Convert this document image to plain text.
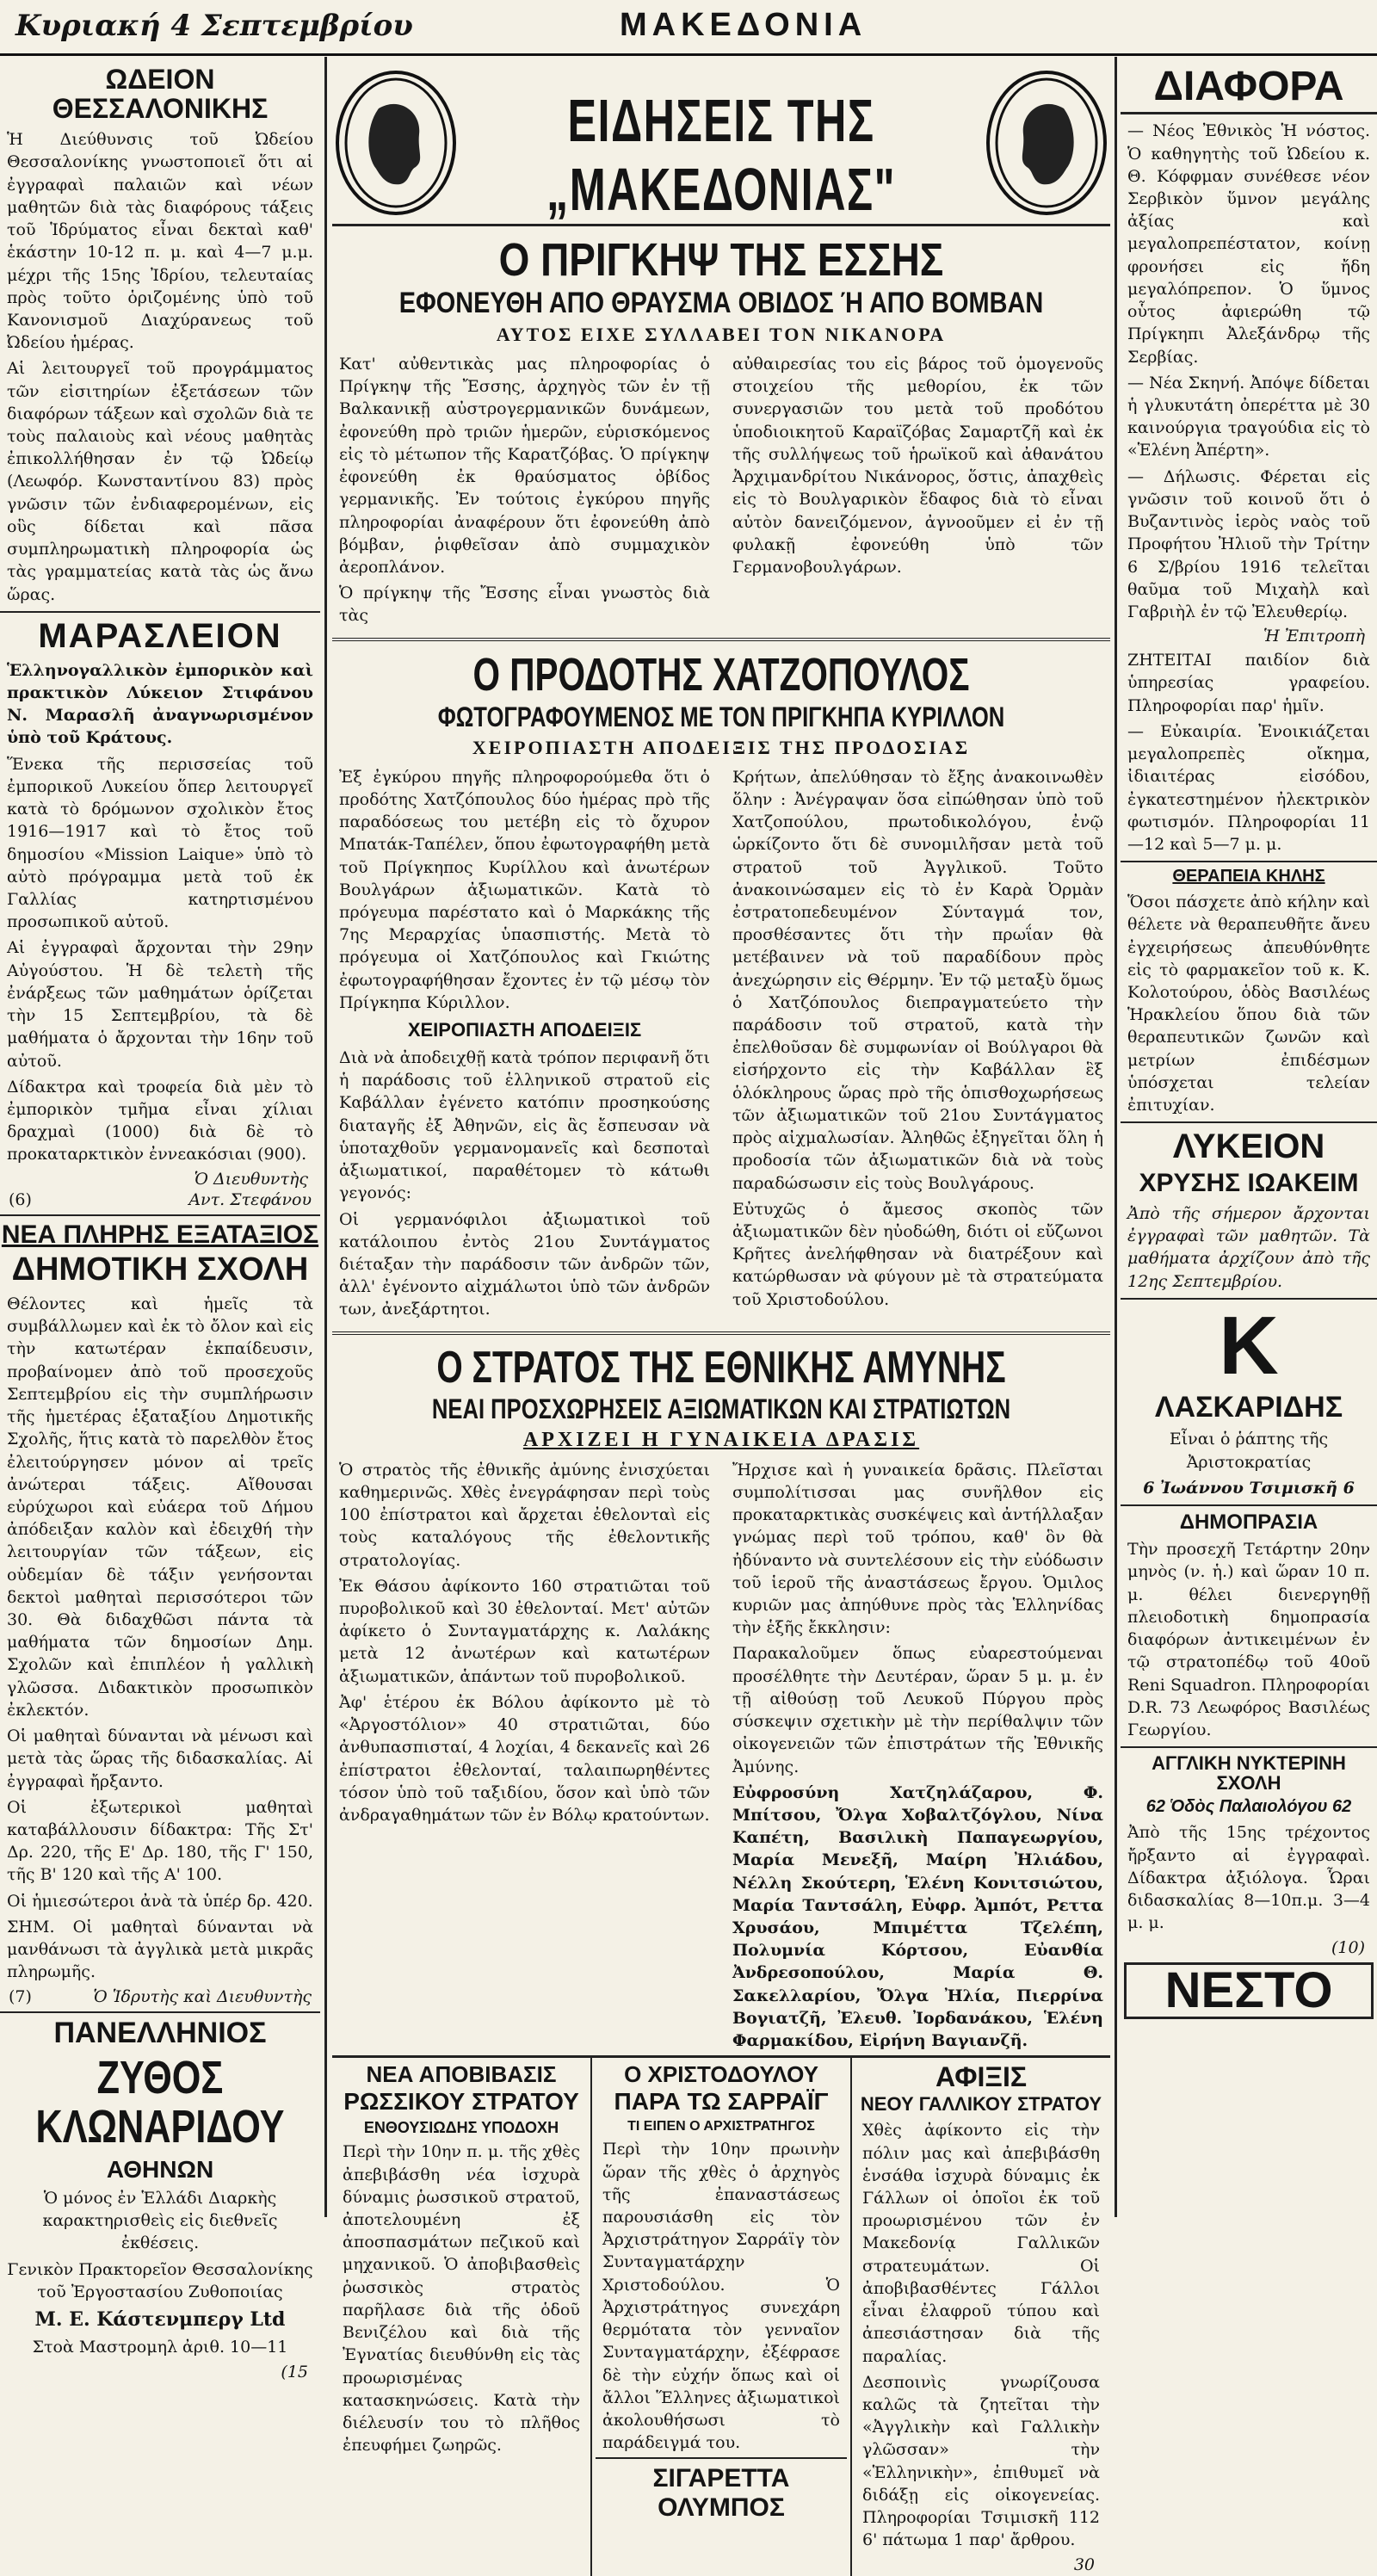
Κυριακή 4 Σεπτεμβρίου	ΜΑΚΕΔΟΝΙΑ
ΩΔΕΙΟΝ ΘΕΣΣΑΛΟΝΙΚΗΣ

Ἡ Διεύθυνσις τοῦ Ὠδείου Θεσσαλονίκης γνωστοποιεῖ ὅτι αἱ ἐγγραφαὶ παλαιῶν καὶ νέων μαθητῶν διὰ τὰς διαφόρους τάξεις τοῦ Ἱδρύματος εἶναι δεκταὶ καθ' ἑκάστην 10-12 π. μ. καὶ 4—7 μ.μ. μέχρι τῆς 15ης Ἰδρίου, τελευταίας πρὸς τοῦτο ὁριζομένης ὑπὸ τοῦ Κανονισμοῦ Διαχύρανεως τοῦ Ὠδείου ἡμέρας.

Αἱ λειτουργεῖ τοῦ προγράμματος τῶν εἰσιτηρίων ἐξετάσεων τῶν διαφόρων τάξεων καὶ σχολῶν διὰ τε τοὺς παλαιοὺς καὶ νέους μαθητὰς ἐπικολλήθησαν ἐν τῷ Ὠδείῳ (Λεωφόρ. Κωνσταντίνου 83) πρὸς γνῶσιν τῶν ἐνδιαφερομένων, εἰς οὓς δίδεται καὶ πᾶσα συμπληρωματικὴ πληροφορία ὡς τὰς γραμματείας κατὰ τὰς ὡς ἄνω ὥρας.

ΜΑΡΑΣΛΕΙΟΝ

Ἑλληνογαλλικὸν ἐμπορικὸν καὶ πρακτικὸν Λύκειον Στιφάνου Ν. Μαρασλῆ ἀναγνωρισμένον ὑπὸ τοῦ Κράτους.

Ἕνεκα τῆς περισσείας τοῦ ἐμπορικοῦ Λυκείου ὅπερ λειτουργεῖ κατὰ τὸ δρόμωνον σχολικὸν ἔτος 1916—1917 καὶ τὸ ἔτος τοῦ δημοσίου «Mission Laique» ὑπὸ τὸ αὐτὸ πρόγραμμα μετὰ τοῦ ἐκ Γαλλίας κατηρτισμένου προσωπικοῦ αὐτοῦ.

Αἱ ἐγγραφαὶ ἄρχονται τὴν 29ην Αὐγούστου. Ἡ δὲ τελετὴ τῆς ἐνάρξεως τῶν μαθημάτων ὁρίζεται τὴν 15 Σεπτεμβρίου, τὰ δὲ μαθήματα ὁ ἄρχονται τὴν 16ην τοῦ αὐτοῦ.

Δίδακτρα καὶ τροφεία διὰ μὲν τὸ ἐμπορικὸν τμῆμα εἶναι χίλιαι δραχμαὶ (1000) διὰ δὲ τὸ προκαταρκτικὸν ἐννεακόσιαι (900).

Ὁ Διευθυντὴς
(6)	Αντ. Στεφάνου
ΝΕΑ ΠΛΗΡΗΣ ΕΞΑΤΑΞΙΟΣ
ΔΗΜΟΤΙΚΗ ΣΧΟΛΗ

Θέλοντες καὶ ἡμεῖς τὰ συμβάλλωμεν καὶ ἐκ τὸ ὄλον καὶ εἰς τὴν κατωτέραν ἐκπαίδευσιν, προβαίνομεν ἀπὸ τοῦ προσεχοῦς Σεπτεμβρίου εἰς τὴν συμπλήρωσιν τῆς ἡμετέρας ἑξαταξίου Δημοτικῆς Σχολῆς, ἥτις κατὰ τὸ παρελθὸν ἔτος ἐλειτούργησεν μόνον αἱ τρεῖς ἀνώτεραι τάξεις. Αἴθουσαι εὐρύχωροι καὶ εὐάερα τοῦ Δήμου ἀπόδειξαν καλὸν καὶ ἐδειχθή τὴν λειτουργίαν τῶν τάξεων, εἰς οὐδεμίαν δὲ τάξιν γενήσονται δεκτοὶ μαθηταὶ περισσότεροι τῶν 30. Θὰ διδαχθῶσι πάντα τὰ μαθήματα τῶν δημοσίων Δημ. Σχολῶν καὶ ἐπιπλέον ἡ γαλλικὴ γλῶσσα. Διδακτικὸν προσωπικὸν ἐκλεκτόν.

Οἱ μαθηταὶ δύνανται νὰ μένωσι καὶ μετὰ τὰς ὥρας τῆς διδασκαλίας. Αἱ ἐγγραφαὶ ἤρξαντο.

Οἱ ἐξωτερικοὶ μαθηταὶ καταβάλλουσιν δίδακτρα: Τῆς Στ' Δρ. 220, τῆς Ε' Δρ. 180, τῆς Γ' 150, τῆς Β' 120 καὶ τῆς Α' 100.

Οἱ ἡμιεσώτεροι ἀνὰ τὰ ὑπέρ δρ. 420.

ΣΗΜ. Οἱ μαθηταὶ δύνανται νὰ μανθάνωσι τὰ ἀγγλικὰ μετὰ μικρᾶς πληρωμῆς.

(7)	Ὁ Ἱδρυτὴς καὶ Διευθυντὴς
ΠΑΝΕΛΛΗΝΙΟΣ
ΖΥΘΟΣ ΚΛΩΝΑΡΙΔΟΥ
ΑΘΗΝΩΝ

Ὁ μόνος ἐν Ἑλλάδι Διαρκὴς καρακτηρισθεὶς εἰς διεθνεῖς ἐκθέσεις.

Γενικὸν Πρακτορεῖον Θεσσαλονίκης τοῦ Ἐργοστασίου Ζυθοποιίας

Μ. Ε. Κάστενμπεργ Ltd

Στοὰ Μαστρομηλ ἀριθ. 10—11

(15
ΕΙΔΗΣΕΙΣ ΤΗΣ „ΜΑΚΕΔΟΝΙΑΣ"
Ο ΠΡΙΓΚΗΨ ΤΗΣ ΕΣΣΗΣ
ΕΦΟΝΕΥΘΗ ΑΠΟ ΘΡΑΥΣΜΑ ΟΒΙΔΟΣ Ή ΑΠΟ ΒΟΜΒΑΝ
ΑΥΤΟΣ ΕΙΧΕ ΣΥΛΛΑΒΕΙ ΤΟΝ ΝΙΚΑΝΟΡΑ

Κατ' αὐθεντικὰς μας πληροφορίας ὁ Πρίγκηψ τῆς Ἔσσης, ἀρχηγὸς τῶν ἐν τῇ Βαλκανικῇ αὐστρογερμανικῶν δυνάμεων, ἐφονεύθη πρὸ τριῶν ἡμερῶν, εὑρισκόμενος εἰς τὸ μέτωπον τῆς Καρατζόβας. Ὁ πρίγκηψ ἐφονεύθη ἐκ θραύσματος ὀβίδος γερμανικῆς. Ἐν τούτοις ἐγκύρου πηγῆς πληροφορίαι ἀναφέρουν ὅτι ἐφονεύθη ἀπὸ βόμβαν, ῥιφθεῖσαν ἀπὸ συμμαχικὸν ἀεροπλάνον.

Ὁ πρίγκηψ τῆς Ἔσσης εἶναι γνωστὸς διὰ τὰς

αὐθαιρεσίας του εἰς βάρος τοῦ ὁμογενοῦς στοιχείου τῆς μεθορίου, ἐκ τῶν συνεργασιῶν του μετὰ τοῦ προδότου ὑποδιοικητοῦ Καραϊζόβας Σαμαρτζῆ καὶ ἐκ τῆς συλλήψεως τοῦ ἡρωϊκοῦ καὶ ἀθανάτου Ἀρχιμανδρίτου Νικάνορος, ὅστις, ἀπαχθεὶς εἰς τὸ Βουλγαρικὸν ἔδαφος διὰ τὸ εἶναι αὐτὸν δανειζόμενον, ἀγνοοῦμεν εἰ ἐν τῇ φυλακῇ ἐφονεύθη ὑπὸ τῶν Γερμανοβουλγάρων.

Ο ΠΡΟΔΟΤΗΣ ΧΑΤΖΟΠΟΥΛΟΣ
ΦΩΤΟΓΡΑΦΟΥΜΕΝΟΣ ΜΕ ΤΟΝ ΠΡΙΓΚΗΠΑ ΚΥΡΙΛΛΟΝ
ΧΕΙΡΟΠΙΑΣΤΗ ΑΠΟΔΕΙΞΙΣ ΤΗΣ ΠΡΟΔΟΣΙΑΣ

Ἐξ ἐγκύρου πηγῆς πληροφορούμεθα ὅτι ὁ προδότης Χατζόπουλος δύο ἡμέρας πρὸ τῆς παραδόσεως του μετέβη εἰς τὸ ὄχυρον Μπατάκ-Ταπέλεν, ὅπου ἐφωτογραφήθη μετὰ τοῦ Πρίγκηπος Κυρίλλου καὶ ἀνωτέρων Βουλγάρων ἀξιωματικῶν. Κατὰ τὸ πρόγευμα παρέστατο καὶ ὁ Μαρκάκης τῆς 7ης Μεραρχίας ὑπασπιστής. Μετὰ τὸ πρόγευμα οἱ Χατζόπουλος καὶ Γκιώτης ἐφωτογραφήθησαν ἔχοντες ἐν τῷ μέσῳ τὸν Πρίγκηπα Κύριλλον.

ΧΕΙΡΟΠΙΑΣΤΗ ΑΠΟΔΕΙΞΙΣ

Διὰ νὰ ἀποδειχθῇ κατὰ τρόπον περιφανῆ ὅτι ἡ παράδοσις τοῦ ἑλληνικοῦ στρατοῦ εἰς Καβάλλαν ἐγένετο κατόπιν προσηκούσης διαταγῆς ἐξ Ἀθηνῶν, εἰς ἃς ἔσπευσαν νὰ ὑποταχθοῦν γερμανομανεῖς καὶ δεσποταὶ ἀξιωματικοί, παραθέτομεν τὸ κάτωθι γεγονός:

Οἱ γερμανόφιλοι ἀξιωματικοὶ τοῦ κατάλοιπου ἐντὸς 21ου Συντάγματος διέταξαν τὴν παράδοσιν τῶν ἀνδρῶν τῶν, ἀλλ' ἐγένοντο αἰχμάλωτοι ὑπὸ τῶν ἀνδρῶν των, ἀνεξάρτητοι.

Κρήτων, ἀπελύθησαν τὸ ἔξης ἀνακοινωθὲν ὅλην : Ἀνέγραψαν ὅσα εἰπώθησαν ὑπὸ τοῦ Χατζοπούλου, πρωτοδικολόγου, ἐνῷ ὡρκίζοντο ὅτι δὲ συνομιλῆσαν μετὰ τοῦ στρατοῦ τοῦ Ἀγγλικοῦ. Τοῦτο ἀνακοινώσαμεν εἰς τὸ ἐν Καρὰ Ὀρμὰν ἐστρατοπεδευμένον Σύνταγμά τον, προσθέσαντες ὅτι τὴν πρωΐαν θὰ μετέβαινεν νὰ τοῦ παραδίδουν πρὸς ἀνεχώρησιν εἰς Θέρμην. Ἐν τῷ μεταξὺ ὅμως ὁ Χατζόπουλος διεπραγματεύετο τὴν παράδοσιν τοῦ στρατοῦ, κατὰ τὴν ἐπελθοῦσαν δὲ συμφωνίαν οἱ Βούλγαροι θὰ εἰσήρχοντο εἰς τὴν Καβάλλαν ἓξ ὁλόκληρους ὥρας πρὸ τῆς ὁπισθοχωρήσεως τῶν ἀξιωματικῶν τοῦ 21ου Συντάγματος πρὸς αἰχμαλωσίαν. Ἀληθῶς ἐξηγεῖται ὅλη ἡ προδοσία τῶν ἀξιωματικῶν διὰ νὰ τοὺς παραδώσωσιν εἰς τοὺς Βουλγάρους.

Εὐτυχῶς ὁ ἄμεσος σκοπὸς τῶν ἀξιωματικῶν δὲν ηὐοδώθη, διότι οἱ εὔζωνοι Κρῆτες ἀνελήφθησαν νὰ διατρέξουν καὶ κατώρθωσαν νὰ φύγουν μὲ τὰ στρατεύματα τοῦ Χριστοδούλου.

Ο ΣΤΡΑΤΟΣ ΤΗΣ ΕΘΝΙΚΗΣ ΑΜΥΝΗΣ
ΝΕΑΙ ΠΡΟΣΧΩΡΗΣΕΙΣ ΑΞΙΩΜΑΤΙΚΩΝ ΚΑΙ ΣΤΡΑΤΙΩΤΩΝ
ΑΡΧΙΖΕΙ Η ΓΥΝΑΙΚΕΙΑ ΔΡΑΣΙΣ

Ὁ στρατὸς τῆς ἐθνικῆς ἀμύνης ἐνισχύεται καθημερινῶς. Χθὲς ἐνεγράφησαν περὶ τοὺς 100 ἐπίστρατοι καὶ ἄρχεται ἐθελονταὶ εἰς τοὺς καταλόγους τῆς ἐθελοντικῆς στρατολογίας.

Ἐκ Θάσου ἀφίκοντο 160 στρατιῶται τοῦ πυροβολικοῦ καὶ 30 ἐθελονταί. Μετ' αὐτῶν ἀφίκετο ὁ Συνταγματάρχης κ. Λαλάκης μετὰ 12 ἀνωτέρων καὶ κατωτέρων ἀξιωματικῶν, ἁπάντων τοῦ πυροβολικοῦ.

Ἀφ' ἑτέρου ἐκ Βόλου ἀφίκοντο μὲ τὸ «Ἀργοστόλιον» 40 στρατιῶται, δύο ἀνθυπασπισταί, 4 λοχίαι, 4 δεκανεῖς καὶ 26 ἐπίστρατοι ἐθελονταί, ταλαιπωρηθέντες τόσον ὑπὸ τοῦ ταξιδίου, ὅσον καὶ ὑπὸ τῶν ἀνδραγαθημάτων τῶν ἐν Βόλῳ κρατούντων.

Ἤρχισε καὶ ἡ γυναικεία δρᾶσις. Πλεῖσται συμπολίτισσαι μας συνῆλθον εἰς προκαταρκτικὰς συσκέψεις καὶ ἀντήλλαξαν γνώμας περὶ τοῦ τρόπου, καθ' ὃν θὰ ἠδύναντο νὰ συντελέσουν εἰς τὴν εὐόδωσιν τοῦ ἱεροῦ τῆς ἀναστάσεως ἔργου. Ὁμιλος κυριῶν μας ἀπηύθυνε πρὸς τὰς Ἑλληνίδας τὴν ἑξῆς ἔκκλησιν:

Παρακαλοῦμεν ὅπως εὐαρεστούμεναι προσέλθητε τὴν Δευτέραν, ὥραν 5 μ. μ. ἐν τῇ αἰθούσῃ τοῦ Λευκοῦ Πύργου πρὸς σύσκεψιν σχετικὴν μὲ τὴν περίθαλψιν τῶν οἰκογενειῶν τῶν ἐπιστράτων τῆς Ἐθνικῆς Ἀμύνης.

Εὐφροσύνη Χατζηλάζαρου, Φ. Μπίτσου, Ὄλγα Χοβαλτζόγλου, Νίνα Καπέτη, Βασιλικὴ Παπαγεωργίου, Μαρία Μενεξῆ, Μαίρη Ἠλιάδου, Νέλλη Σκούτερη, Ἑλένη Κονιτσιώτου, Μαρία Ταντσάλη, Εὐφρ. Ἀμπότ, Ρεττα Χρυσάου, Μπιμέττα Τζελέπη, Πολυμνία Κόρτσου, Εὐανθία Ἀνδρεσοπούλου, Μαρία Θ. Σακελλαρίου, Ὄλγα Ἠλία, Πιερρίνα Βογιατζῆ, Ἐλευθ. Ἰορδανάκου, Ἑλένη Φαρμακίδου, Εἰρήνη Βαγιανζῆ.

ΝΕΑ ΑΠΟΒΙΒΑΣΙΣ
ΡΩΣΣΙΚΟΥ ΣΤΡΑΤΟΥ
ΕΝΘΟΥΣΙΩΔΗΣ ΥΠΟΔΟΧΗ

Περὶ τὴν 10ην π. μ. τῆς χθὲς ἀπεβιβάσθη νέα ἰσχυρὰ δύναμις ῥωσσικοῦ στρατοῦ, ἀποτελουμένη ἐξ ἀποσπασμάτων πεζικοῦ καὶ μηχανικοῦ. Ὁ ἀποβιβασθεὶς ῥωσσικὸς στρατὸς παρῆλασε διὰ τῆς ὁδοῦ Βενιζέλου καὶ διὰ τῆς Ἐγνατίας διευθύνθη εἰς τὰς προωρισμένας κατασκηνώσεις. Κατὰ τὴν διέλευσίν του τὸ πλῆθος ἐπευφήμει ζωηρῶς.

Ο ΧΡΙΣΤΟΔΟΥΛΟΥ
ΠΑΡΑ ΤΩ ΣΑΡΡΑΪΓ
ΤΙ ΕΙΠΕΝ Ο ΑΡΧΙΣΤΡΑΤΗΓΟΣ

Περὶ τὴν 10ην πρωινὴν ὥραν τῆς χθὲς ὁ ἀρχηγὸς τῆς ἐπαναστάσεως παρουσιάσθη εἰς τὸν Ἀρχιστράτηγον Σαρράϊγ τὸν Συνταγματάρχην Χριστοδούλου. Ὁ Ἀρχιστράτηγος συνεχάρη θερμότατα τὸν γενναῖον Συνταγματάρχην, ἐξέφρασε δὲ τὴν εὐχήν ὅπως καὶ οἱ ἄλλοι Ἕλληνες ἀξιωματικοὶ ἀκολουθήσωσι τὸ παράδειγμά του.

ΣΙΓΑΡΕΤΤΑ ΟΛΥΜΠΟΣ
ΑΦΙΞΙΣ
ΝΕΟΥ ΓΑΛΛΙΚΟΥ ΣΤΡΑΤΟΥ

Χθὲς ἀφίκοντο εἰς τὴν πόλιν μας καὶ ἀπεβιβάσθη ἑνσάθα ἰσχυρὰ δύναμις ἐκ Γάλλων οἱ ὁποῖοι ἐκ τοῦ προωρισμένου τῶν ἐν Μακεδονίᾳ Γαλλικῶν στρατευμάτων. Οἱ ἀποβιβασθέντες Γάλλοι εἶναι ἐλαφροῦ τύπου καὶ ἀπεσιάστησαν διὰ τῆς παραλίας.

Δεσποινὶς γνωρίζουσα καλῶς τὰ ζητεῖται τὴν «Ἀγγλικὴν καὶ Γαλλικὴν γλῶσσαν» τὴν «Ἑλληνικὴν», ἐπιθυμεῖ νὰ διδάξῃ εἰς οἰκογενείας. Πληροφορίαι Τσιμισκῆ 112 6' πάτωμα 1 παρ' ἄρθρου.

30
ΔΙΑΦΟΡΑ

— Νέος Ἐθνικὸς Ἡ νόστος. Ὁ καθηγητὴς τοῦ Ὠδείου κ. Θ. Κόφφμαν συνέθεσε νέον Σερβικὸν ὕμνον μεγάλης ἀξίας καὶ μεγαλοπρεπέστατον, κοίνῃ φρονήσει εἰς ἤδη μεγαλόπρεπον. Ὁ ὕμνος οὗτος ἀφιερώθη τῷ Πρίγκηπι Ἀλεξάνδρῳ τῆς Σερβίας.

— Νέα Σκηνή. Ἀπόψε δίδεται ἡ γλυκυτάτη ὀπερέττα μὲ 30 καινούργια τραγούδια εἰς τὸ «Ἑλένη Ἀπέρτη».

— Δήλωσις. Φέρεται εἰς γνῶσιν τοῦ κοινοῦ ὅτι ὁ Βυζαντινὸς ἱερὸς ναὸς τοῦ Προφήτου Ἠλιοῦ τὴν Τρίτην 6 Σ/βρίου 1916 τελεῖται θαῦμα τοῦ Μιχαὴλ καὶ Γαβριὴλ ἐν τῷ Ἐλευθερίῳ.

Ἡ Ἐπιτροπὴ

ΖΗΤΕΙΤΑΙ παιδίον διὰ ὑπηρεσίας γραφείου. Πληροφορίαι παρ' ἡμῖν.

— Εὐκαιρία. Ἐνοικιάζεται μεγαλοπρεπὲς οἴκημα, ἰδιαιτέρας εἰσόδου, ἐγκατεστημένον ἠλεκτρικὸν φωτισμόν. Πληροφορίαι 11—12 καὶ 5—7 μ. μ.

ΘΕΡΑΠΕΙΑ ΚΗΛΗΣ

Ὅσοι πάσχετε ἀπὸ κήλην καὶ θέλετε νὰ θεραπευθῆτε ἄνευ ἐγχειρήσεως ἀπευθύνθητε εἰς τὸ φαρμακεῖον τοῦ κ. Κ. Κολοτούρου, ὁδὸς Βασιλέως Ἡρακλείου ὅπου διὰ τῶν θεραπευτικῶν ζωνῶν καὶ μετρίων ἐπιδέσμων ὑπόσχεται τελείαν ἐπιτυχίαν.

ΛΥΚΕΙΟΝ
ΧΡΥΣΗΣ ΙΩΑΚΕΙΜ

Ἀπὸ τῆς σήμερον ἄρχονται ἐγγραφαὶ τῶν μαθητῶν. Τὰ μαθήματα ἀρχίζουν ἀπὸ τῆς 12ης Σεπτεμβρίου.

Κ
ΛΑΣΚΑΡΙΔΗΣ

Εἶναι ὁ ῥάπτης τῆς Ἀριστοκρατίας

6 Ἰωάννου Τσιμισκῆ 6

ΔΗΜΟΠΡΑΣΙΑ

Τὴν προσεχῆ Τετάρτην 20ην μηνὸς (ν. ἡ.) καὶ ὥραν 10 π. μ. θέλει διενεργηθῇ πλειοδοτικὴ δημοπρασία διαφόρων ἀντικειμένων ἐν τῷ στρατοπέδῳ τοῦ 40οῦ Reni Squadron. Πληροφορίαι D.R. 73 Λεωφόρος Βασιλέως Γεωργίου.

ΑΓΓΛΙΚΗ ΝΥΚΤΕΡΙΝΗ ΣΧΟΛΗ
62 Ὁδὸς Παλαιολόγου 62

Ἀπὸ τῆς 15ης τρέχοντος ἤρξαντο αἱ ἐγγραφαὶ. Δίδακτρα ἀξιόλογα. Ὧραι διδασκαλίας 8—10π.μ. 3—4 μ. μ.

(10)
ΝΕΣΤΟ
